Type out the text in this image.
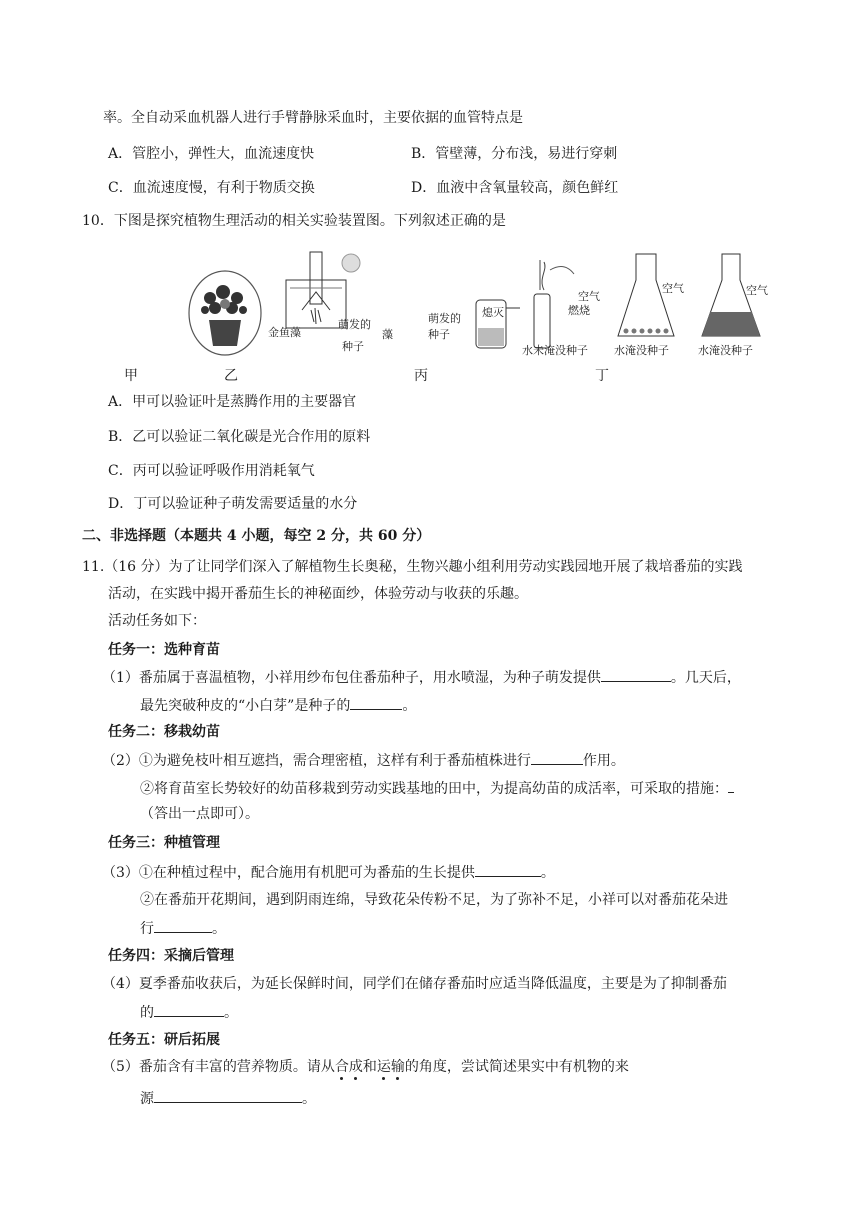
率。全自动采血机器人进行手臂静脉采血时，主要依据的血管特点是
A．管腔小，弹性大，血流速度快	B．管壁薄，分布浅，易进行穿刺
C．血流速度慢，有利于物质交换	D．血液中含氧量较高，颜色鲜红
10．下图是探究植物生理活动的相关实验装置图。下列叙述正确的是
金鱼藻
萌发的
种子
藻
萌发的
种子
熄灭
空气
燃烧
水未淹没种子
空气
水淹没种子
空气
水淹没种子
甲	乙	丙	丁
A．甲可以验证叶是蒸腾作用的主要器官
B．乙可以验证二氧化碳是光合作用的原料
C．丙可以验证呼吸作用消耗氧气
D．丁可以验证种子萌发需要适量的水分
二、非选择题（本题共 4 小题，每空 2 分，共 60 分）
11.（16 分）为了让同学们深入了解植物生长奥秘，生物兴趣小组利用劳动实践园地开展了栽培番茄的实践
活动，在实践中揭开番茄生长的神秘面纱，体验劳动与收获的乐趣。
活动任务如下：
任务一：选种育苗
（1）番茄属于喜温植物，小祥用纱布包住番茄种子，用水喷湿，为种子萌发提供	。几天后，
最先突破种皮的“小白芽”是种子的	。
任务二：移栽幼苗
（2）①为避免枝叶相互遮挡，需合理密植，这样有利于番茄植株进行	作用。
②将育苗室长势较好的幼苗移栽到劳动实践基地的田中，为提高幼苗的成活率，可采取的措施：
（答出一点即可）。
任务三：种植管理
（3）①在种植过程中，配合施用有机肥可为番茄的生长提供	。
②在番茄开花期间，遇到阴雨连绵，导致花朵传粉不足，为了弥补不足，小祥可以对番茄花朵进
行	。
任务四：采摘后管理
（4）夏季番茄收获后，为延长保鲜时间，同学们在储存番茄时应适当降低温度，主要是为了抑制番茄
的	。
任务五：研后拓展
（5）番茄含有丰富的营养物质。请从合成和运输的角度，尝试简述果实中有机物的来
源	。
